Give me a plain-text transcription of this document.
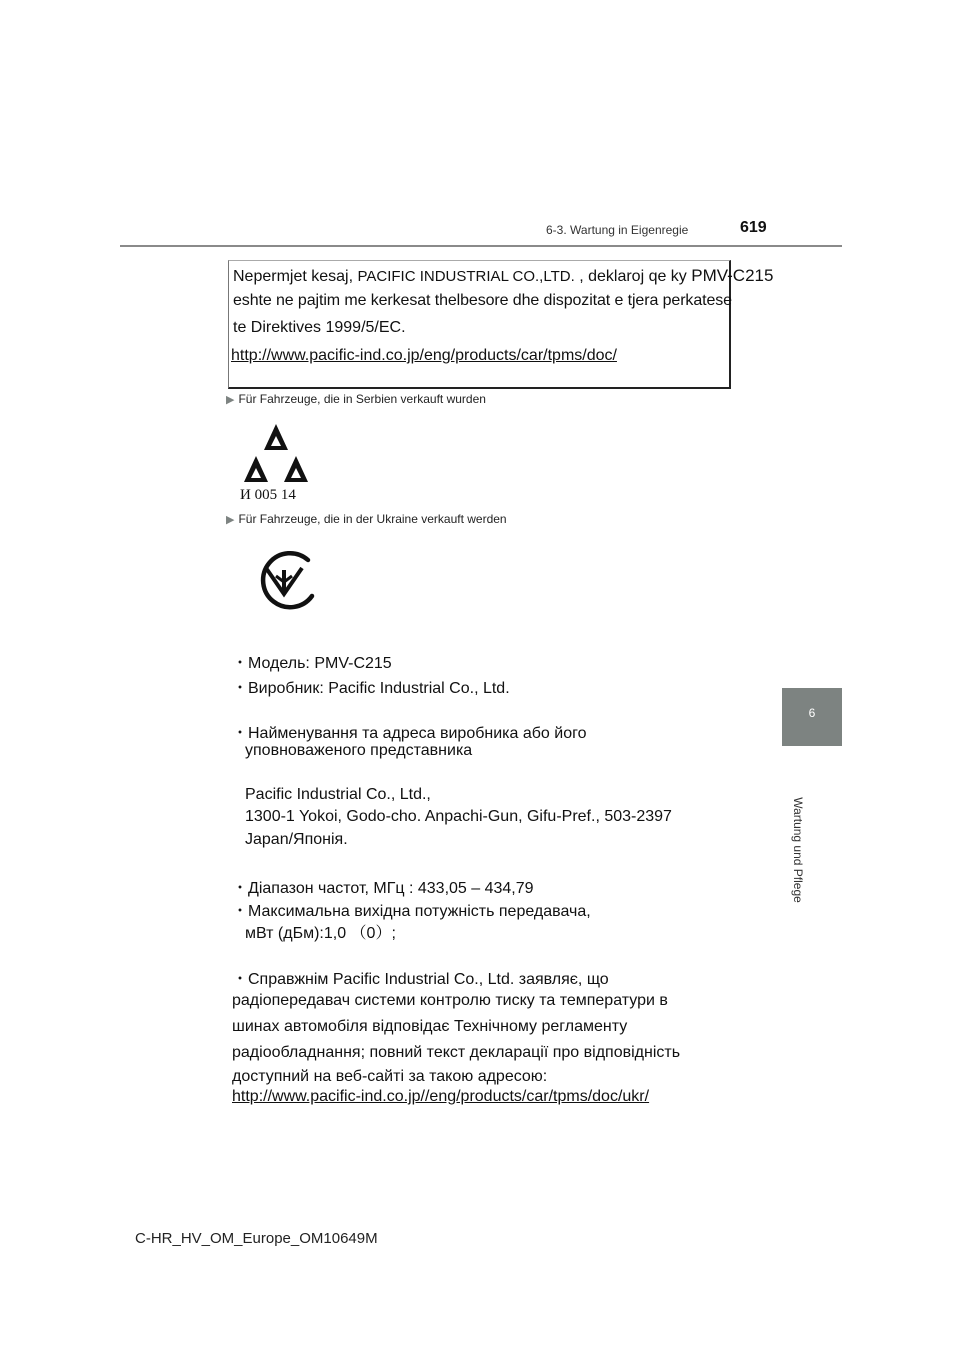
6-3. Wartung in Eigenregie	619
6
Wartung und Pflege
Nepermjet kesaj, PACIFIC INDUSTRIAL CO.,LTD. , deklaroj qe ky PMV-C215
eshte ne pajtim me kerkesat thelbesore dhe dispozitat e tjera perkatese
te Direktives 1999/5/EC.
http://www.pacific-ind.co.jp/eng/products/car/tpms/doc/
▶ Für Fahrzeuge, die in Serbien verkauft wurden
И 005 14
▶ Für Fahrzeuge, die in der Ukraine verkauft werden
・Модель: PMV-C215
・Виробник: Pacific Industrial Co., Ltd.
・Найменування та адреса виробника або його
уповноваженого представника
Pacific Industrial Co., Ltd.,
1300-1 Yokoi, Godo-cho. Anpachi-Gun, Gifu-Pref., 503-2397
Japan/Японія.
・Діапазон частот, МГц : 433,05 – 434,79
・Максимальна вихідна потужність передавача,
мВт (дБм):1,0 （0）;
・Справжнім Pacific Industrial Co., Ltd. заявляє, що
радіопередавач системи контролю тиску та температури в
шинах автомобіля відповідає Технічному регламенту
радіообладнання; повний текст декларації про відповідність
доступний на веб-сайті за такою адресою:
http://www.pacific-ind.co.jp//eng/products/car/tpms/doc/ukr/
C-HR_HV_OM_Europe_OM10649M
